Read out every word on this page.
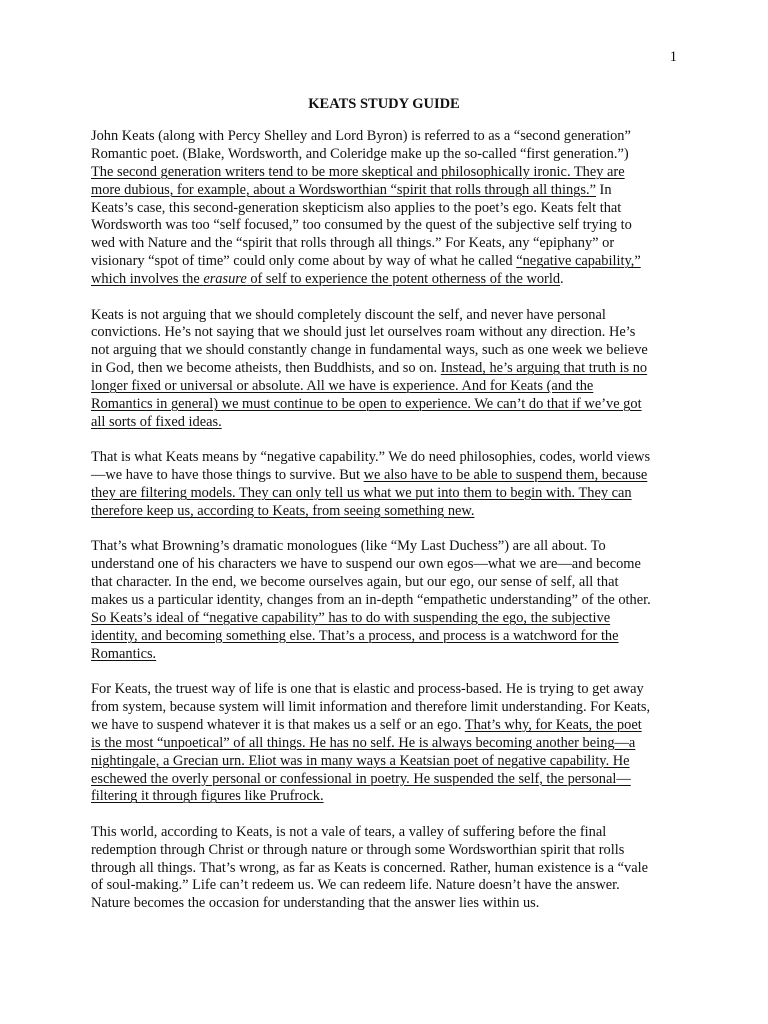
1
KEATS STUDY GUIDE
John Keats (along with Percy Shelley and Lord Byron) is referred to as a “second generation”
Romantic poet. (Blake, Wordsworth, and Coleridge make up the so-called “first generation.”)
The second generation writers tend to be more skeptical and philosophically ironic. They are
more dubious, for example, about a Wordsworthian “spirit that rolls through all things.” In
Keats’s case, this second-generation skepticism also applies to the poet’s ego. Keats felt that
Wordsworth was too “self focused,” too consumed by the quest of the subjective self trying to
wed with Nature and the “spirit that rolls through all things.” For Keats, any “epiphany” or
visionary “spot of time” could only come about by way of what he called “negative capability,”
which involves the erasure of self to experience the potent otherness of the world.
Keats is not arguing that we should completely discount the self, and never have personal
convictions. He’s not saying that we should just let ourselves roam without any direction. He’s
not arguing that we should constantly change in fundamental ways, such as one week we believe
in God, then we become atheists, then Buddhists, and so on. Instead, he’s arguing that truth is no
longer fixed or universal or absolute. All we have is experience. And for Keats (and the
Romantics in general) we must continue to be open to experience. We can’t do that if we’ve got
all sorts of fixed ideas.
That is what Keats means by “negative capability.” We do need philosophies, codes, world views
—we have to have those things to survive. But we also have to be able to suspend them, because
they are filtering models. They can only tell us what we put into them to begin with. They can
therefore keep us, according to Keats, from seeing something new.
That’s what Browning’s dramatic monologues (like “My Last Duchess”) are all about. To
understand one of his characters we have to suspend our own egos—what we are—and become
that character. In the end, we become ourselves again, but our ego, our sense of self, all that
makes us a particular identity, changes from an in-depth “empathetic understanding” of the other.
So Keats’s ideal of “negative capability” has to do with suspending the ego, the subjective
identity, and becoming something else. That’s a process, and process is a watchword for the
Romantics.
For Keats, the truest way of life is one that is elastic and process-based. He is trying to get away
from system, because system will limit information and therefore limit understanding. For Keats,
we have to suspend whatever it is that makes us a self or an ego. That’s why, for Keats, the poet
is the most “unpoetical” of all things. He has no self. He is always becoming another being—a
nightingale, a Grecian urn. Eliot was in many ways a Keatsian poet of negative capability. He
eschewed the overly personal or confessional in poetry. He suspended the self, the personal—
filtering it through figures like Prufrock.
This world, according to Keats, is not a vale of tears, a valley of suffering before the final
redemption through Christ or through nature or through some Wordsworthian spirit that rolls
through all things. That’s wrong, as far as Keats is concerned. Rather, human existence is a “vale
of soul-making.” Life can’t redeem us. We can redeem life. Nature doesn’t have the answer.
Nature becomes the occasion for understanding that the answer lies within us.
